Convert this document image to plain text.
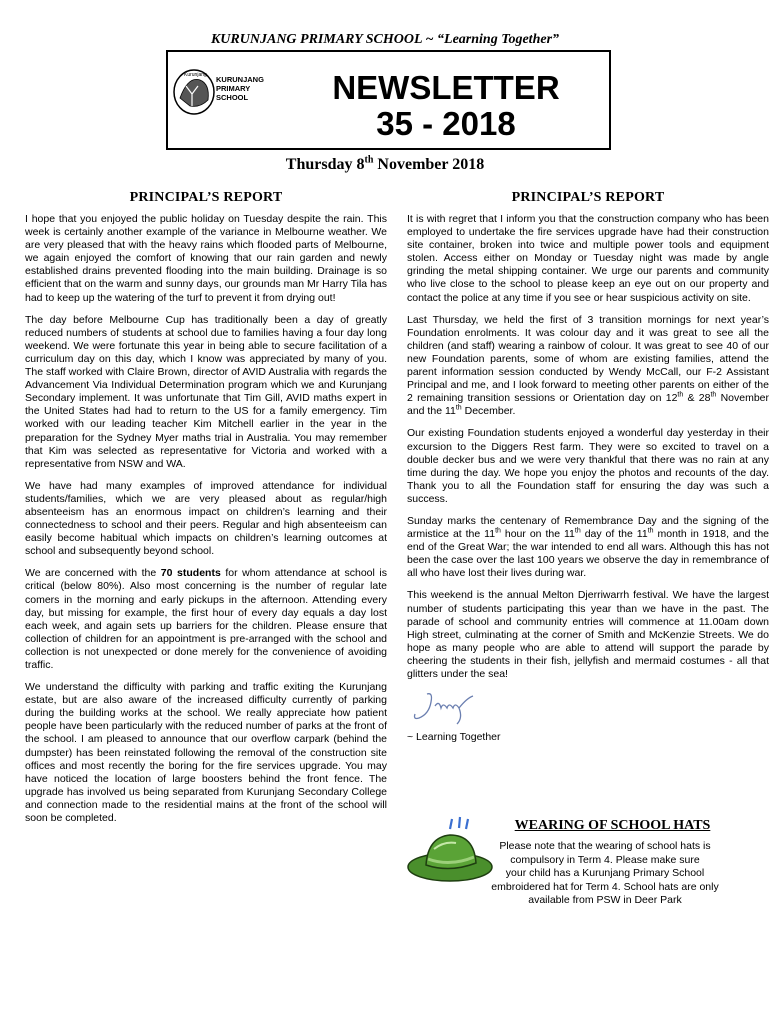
KURUNJANG PRIMARY SCHOOL ~ “Learning Together”
Kurunjang KURUNJANG
PRIMARY
SCHOOL	NEWSLETTER
35 - 2018
Thursday 8th November 2018
PRINCIPAL’S REPORT

I hope that you enjoyed the public holiday on Tuesday despite the rain. This week is certainly another example of the variance in Melbourne weather. We are very pleased that with the heavy rains which flooded parts of Melbourne, we again enjoyed the comfort of knowing that our rain garden and newly established drains prevented flooding into the main building. Drainage is so efficient that on the warm and sunny days, our grounds man Mr Harry Tila has had to keep up the watering of the turf to prevent it from drying out!

The day before Melbourne Cup has traditionally been a day of greatly reduced numbers of students at school due to families having a four day long weekend. We were fortunate this year in being able to secure facilitation of a curriculum day on this day, which I know was appreciated by many of you. The staff worked with Claire Brown, director of AVID Australia with regards the Advancement Via Individual Determination program which we and Kurunjang Secondary implement. It was unfortunate that Tim Gill, AVID maths expert in the United States had had to return to the US for a family emergency. Tim worked with our leading teacher Kim Mitchell earlier in the year in the preparation for the Sydney Myer maths trial in Australia. You may remember that Kim was selected as representative for Victoria and worked with a representative from NSW and WA.

We have had many examples of improved attendance for individual students/families, which we are very pleased about as regular/high absenteeism has an enormous impact on children’s learning and their connectedness to school and their peers. Regular and high absenteeism can easily become habitual which impacts on children’s learning outcomes at school and subsequently beyond school.

We are concerned with the 70 students for whom attendance at school is critical (below 80%). Also most concerning is the number of regular late comers in the morning and early pickups in the afternoon. Attending every day, but missing for example, the first hour of every day equals a day lost each week, and again sets up barriers for the children. Please ensure that collection of children for an appointment is pre-arranged with the school and collection is not unexpected or done merely for the convenience of avoiding traffic.

We understand the difficulty with parking and traffic exiting the Kurunjang estate, but are also aware of the increased difficulty currently of parking during the building works at the school. We really appreciate how patient people have been particularly with the reduced number of parks at the front of the school. I am pleased to announce that our overflow carpark (behind the dumpster) has been reinstated following the removal of the construction site offices and most recently the boring for the fire services upgrade. You may have noticed the location of large boosters behind the front fence. The upgrade has involved us being separated from Kurunjang Secondary College and connection made to the residential mains at the front of the school will soon be completed.

PRINCIPAL’S REPORT

It is with regret that I inform you that the construction company who has been employed to undertake the fire services upgrade have had their construction site container, broken into twice and multiple power tools and equipment stolen. Access either on Monday or Tuesday night was made by angle grinding the metal shipping container. We urge our parents and community who live close to the school to please keep an eye out on our property and contact the police at any time if you see or hear suspicious activity on site.

Last Thursday, we held the first of 3 transition mornings for next year’s Foundation enrolments. It was colour day and it was great to see all the children (and staff) wearing a rainbow of colour. It was great to see 40 of our new Foundation parents, some of whom are existing families, attend the parent information session conducted by Wendy McCall, our F-2 Assistant Principal and me, and I look forward to meeting other parents on either of the 2 remaining transition sessions or Orientation day on 12th & 28th November and the 11th December.

Our existing Foundation students enjoyed a wonderful day yesterday in their excursion to the Diggers Rest farm. They were so excited to travel on a double decker bus and we were very thankful that there was no rain at any time during the day. We hope you enjoy the photos and recounts of the day. Thank you to all the Foundation staff for ensuring the day was such a success.

Sunday marks the centenary of Remembrance Day and the signing of the armistice at the 11th hour on the 11th day of the 11th month in 1918, and the end of the Great War; the war intended to end all wars. Although this has not been the case over the last 100 years we observe the day in remembrance of all who have lost their lives during war.

This weekend is the annual Melton Djerriwarrh festival. We have the largest number of students participating this year than we have in the past. The parade of school and community entries will commence at 11.00am down High street, culminating at the corner of Smith and McKenzie Streets. We do hope as many people who are able to attend will support the parade by cheering the students in their fish, jellyfish and mermaid costumes - all that glitters under the sea!

~ Learning Together
WEARING OF SCHOOL HATS
Please note that the wearing of school hats is
compulsory in Term 4. Please make sure
your child has a Kurunjang Primary School
embroidered hat for Term 4. School hats are only
available from PSW in Deer Park
